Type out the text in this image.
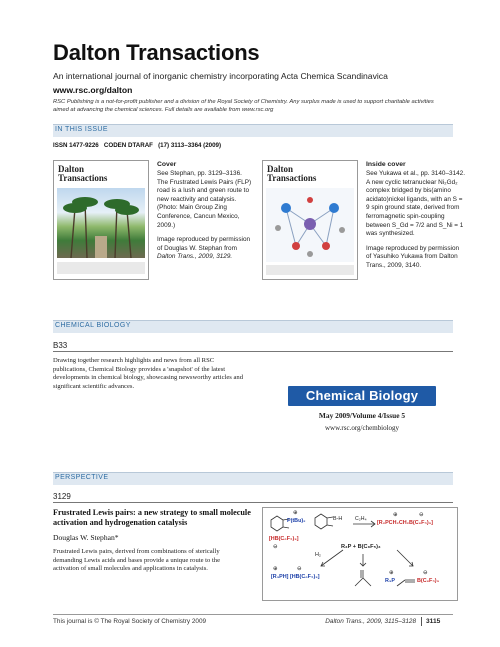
Dalton Transactions
An international journal of inorganic chemistry incorporating Acta Chemica Scandinavica
www.rsc.org/dalton
RSC Publishing is a not-for-profit publisher and a division of the Royal Society of Chemistry. Any surplus made is used to support charitable activities
aimed at advancing the chemical sciences. Full details are available from www.rsc.org
IN THIS ISSUE
ISSN 1477-9226   CODEN DTARAF   (17) 3113–3364 (2009)
Dalton
Transactions
Cover
See Stephan, pp. 3129–3136.
The Frustrated Lewis Pairs (FLP)
road is a lush and green route to
new reactivity and catalysis.
(Photo: Main Group Zing
Conference, Cancun Mexico,
2009.)
Image reproduced by permission
of Douglas W. Stephan from
Dalton Trans., 2009, 3129.
Dalton
Transactions
Inside cover
See Yukawa et al., pp. 3140–3142.
A new cyclic tetranuclear Ni₂Gd₂
complex bridged by bis(amino
acidato)nickel ligands, with an S =
9 spin ground state, derived from
ferromagnetic spin-coupling
between S_Gd = 7/2 and S_Ni = 1
was synthesized.
Image reproduced by permission
of Yasuhiko Yukawa from Dalton
Trans., 2009, 3140.
CHEMICAL BIOLOGY
B33
Drawing together research highlights and news from all RSC
publications, Chemical Biology provides a 'snapshot' of the latest
developments in chemical biology, showcasing newsworthy articles and
significant scientific advances.
Chemical Biology
May 2009/Volume 4/Issue 5
www.rsc.org/chembiology
PERSPECTIVE
3129
Frustrated Lewis pairs: a new strategy to small molecule
activation and hydrogenation catalysis
Douglas W. Stephan*
Frustrated Lewis pairs, derived from combinations of sterically
demanding Lewis acids and bases provide a unique route to the
activation of small molecules and applications in catalysis.
P(tBu)₂	B-H C₂H₄
[HB(C₆F₅)₃]
[R₂PCH₂CH₂B(C₆F₅)₃]
R₃P + B(C₆F₅)₃
H₂
[R₃PH] [HB(C₆F₅)₃]
R₃P	B(C₆F₅)₃
⊕
⊖
⊕	⊖
⊕	⊖
⊕	⊖
This journal is © The Royal Society of Chemistry 2009	Dalton Trans., 2009, 3115–3128 3115
